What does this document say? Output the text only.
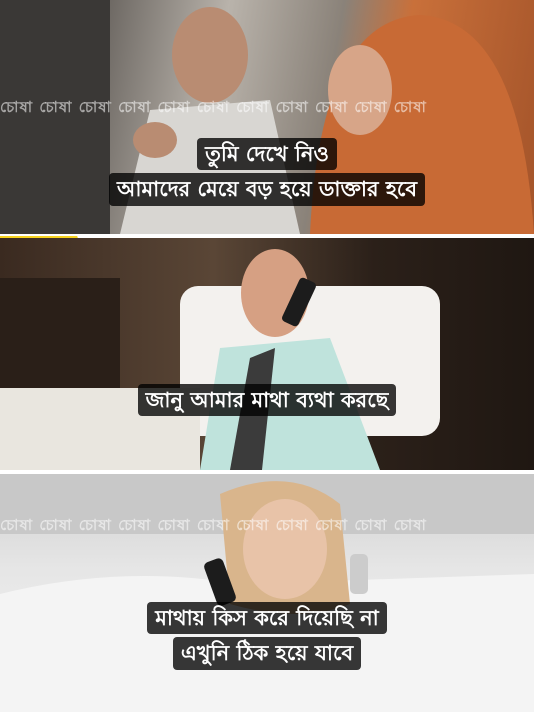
চোষা চোষা চোষা চোষা চোষা চোষা চোষা চোষা চোষা চোষা চোষা
তুমি দেখে নিও
আমাদের মেয়ে বড় হয়ে ডাক্তার হবে
জানু আমার মাথা ব্যথা করছে
চোষা চোষা চোষা চোষা চোষা চোষা চোষা চোষা চোষা চোষা চোষা
মাথায় কিস করে দিয়েছি না
এখুনি ঠিক হয়ে যাবে
